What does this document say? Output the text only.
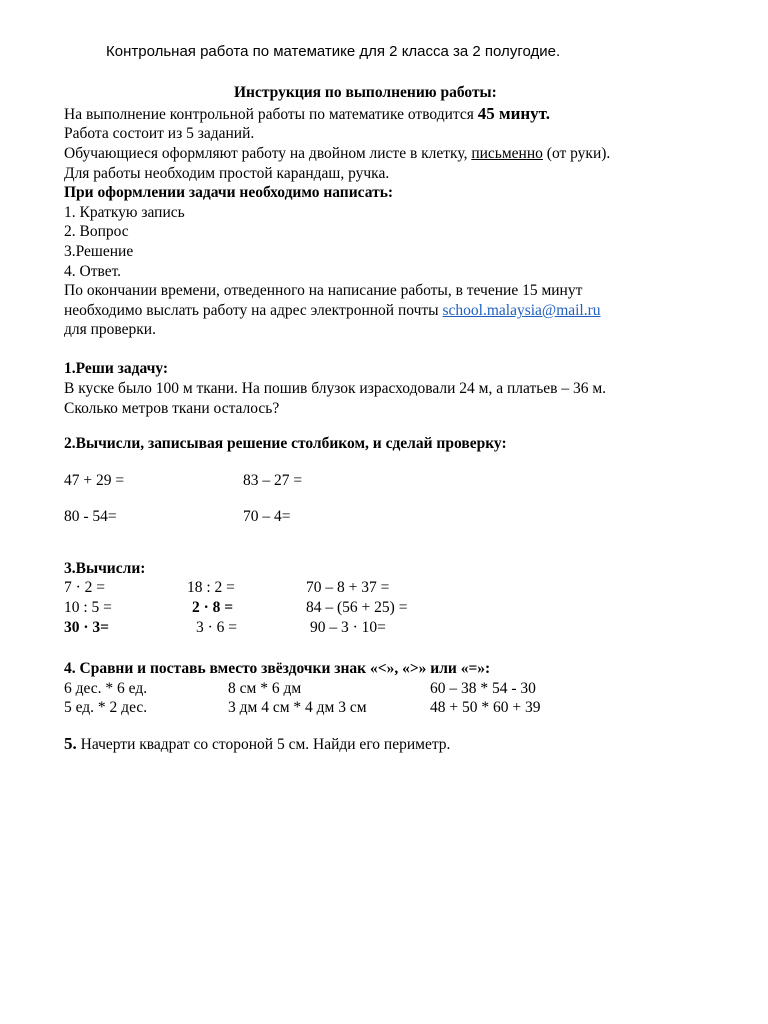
Контрольная работа по математике для 2 класса за 2 полугодие.
Инструкция по выполнению работы:
На выполнение контрольной работы по математике отводится 45 минут.
Работа состоит из 5 заданий.
Обучающиеся оформляют работу на двойном листе в клетку, письменно (от руки).
Для работы необходим простой карандаш, ручка.
При оформлении задачи необходимо написать:
1. Краткую запись
2. Вопрос
3.Решение
4. Ответ.
По окончании времени, отведенного на написание работы, в течение 15 минут
необходимо выслать работу на адрес электронной почты school.malaysia@mail.ru
для проверки.
1.Реши задачу:
В куске было 100 м ткани. На пошив блузок израсходовали 24 м, а платьев – 36 м.
Сколько метров ткани осталось?
2.Вычисли, записывая решение столбиком, и сделай проверку:
47 + 29 =	83 – 27 =
80 - 54=	70 – 4=
3.Вычисли:
7 · 2 =	18 : 2 =	70 – 8 + 37 =
10 : 5 =	2 · 8 =	84 – (56 + 25) =
30 · 3=	3 · 6 =	90 – 3 · 10=
4. Сравни и поставь вместо звёздочки знак «<», «>» или «=»:
6 дес. * 6 ед.	8 см * 6 дм	60 – 38 * 54 - 30
5 ед. * 2 дес.	3 дм 4 см * 4 дм 3 см	48 + 50 * 60 + 39
5. Начерти квадрат со стороной 5 см. Найди его периметр.
